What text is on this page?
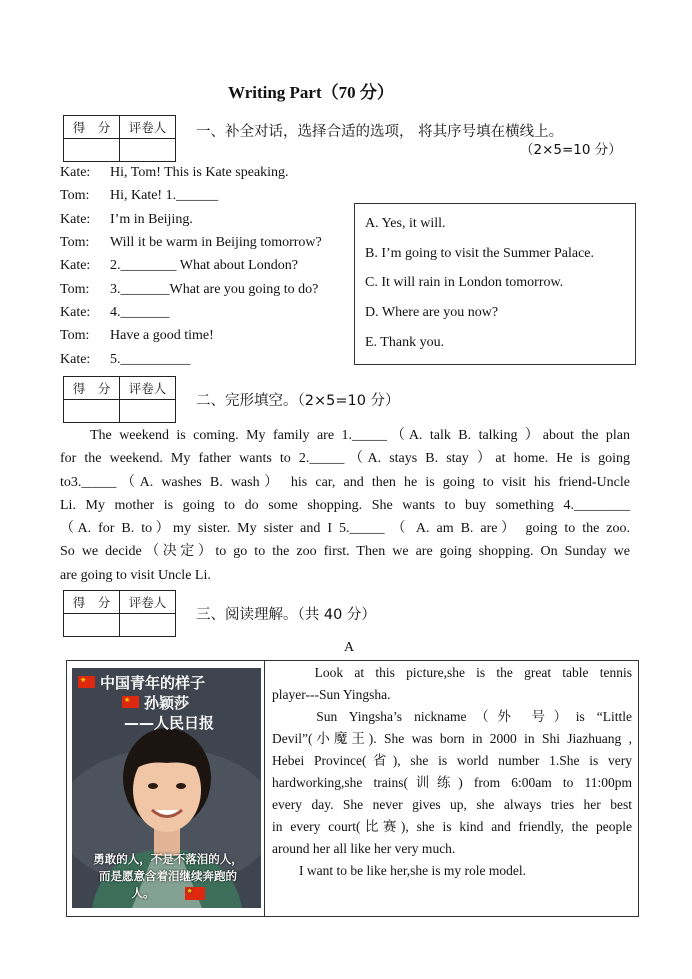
Writing Part（70 分）
得　分	评卷人
	一、补全对话，选择合适的选项， 将其序号填在横线上。
（2×5=10 分）
Kate: Hi, Tom! This is Kate speaking.
Tom: Hi, Kate! 1.______
Kate: I’m in Beijing.
Tom: Will it be warm in Beijing tomorrow?
Kate: 2.________ What about London?
Tom: 3._______What are you going to do?
Kate: 4._______
Tom: Have a good time!
Kate: 5.__________
A. Yes, it will.
B. I’m going to visit the Summer Palace.
C. It will rain in London tomorrow.
D. Where are you now?
E. Thank you.
得　分	评卷人

二、完形填空。（2×5=10 分）
The weekend is coming. My family are 1._____（A. talk B. talking ）about the plan
for the weekend. My father wants to 2._____（A. stays B. stay ）at home. He is going
to3._____（A. washes B. wash） his car, and then he is going to visit his friend-Uncle
Li. My mother is going to do some shopping. She wants to buy something 4.________
（A. for B. to）my sister. My sister and I 5._____ （ A. am B. are） going to the zoo.
So we decide（决定）to go to the zoo first. Then we are going shopping. On Sunday we
are going to visit Uncle Li.
得　分	评卷人

三、阅读理解。（共 40 分）
A
★ 中国青年的样子
★ 孙颖莎
——人民日报
勇敢的人，不是不落泪的人，
而是愿意含着泪继续奔跑的
人。	★
　　Look at this picture,she is the great table tennis
player---Sun Yingsha.
　　Sun Yingsha’s nickname（外 号）is “Little
Devil”(小魔王). She was born in 2000 in Shi Jiazhuang ,
Hebei Province(省), she is world number 1.She is very
hardworking,she trains(训练) from 6:00am to 11:00pm
every day. She never gives up, she always tries her best
in every court(比赛), she is kind and friendly, the people
around her all like her very much.
　　I want to be like her,she is my role model.
